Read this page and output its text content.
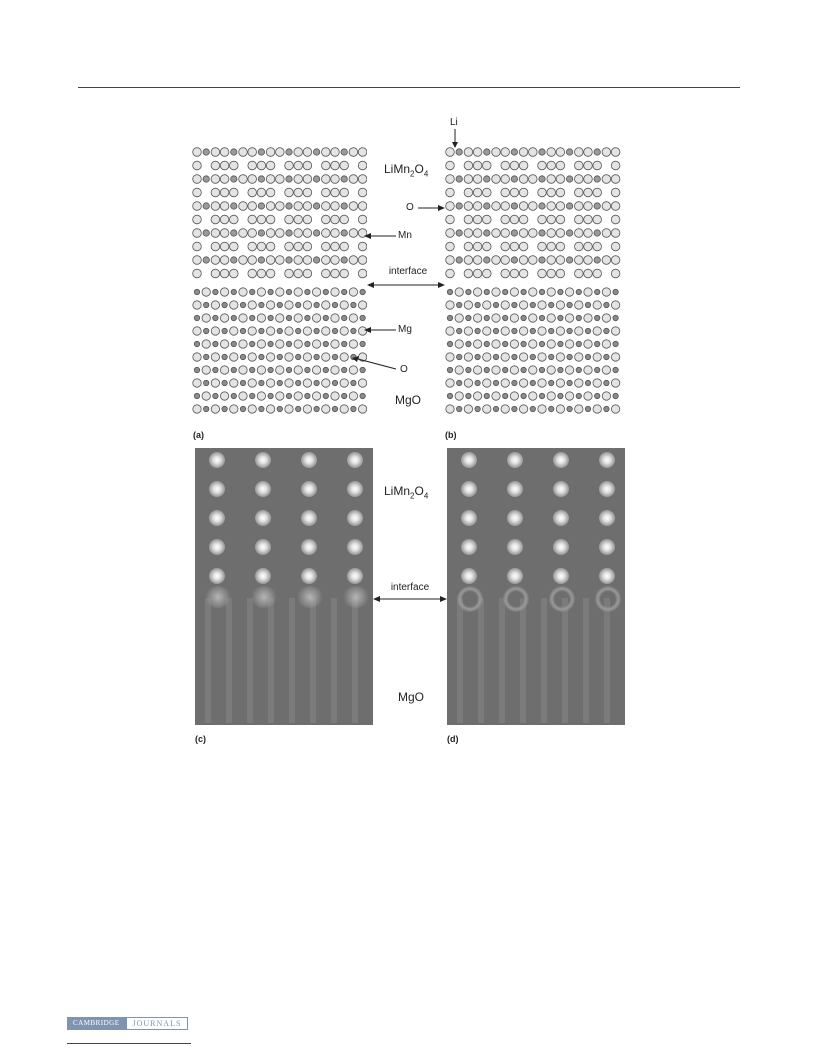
Li
$LiMn_2O_4$
O
Mn
interface
Mg
O
MgO
(a)	(b)
$LiMn_2O_4$
interface
MgO
(c)	(d)
CAMBRIDGE	JOURNALS
